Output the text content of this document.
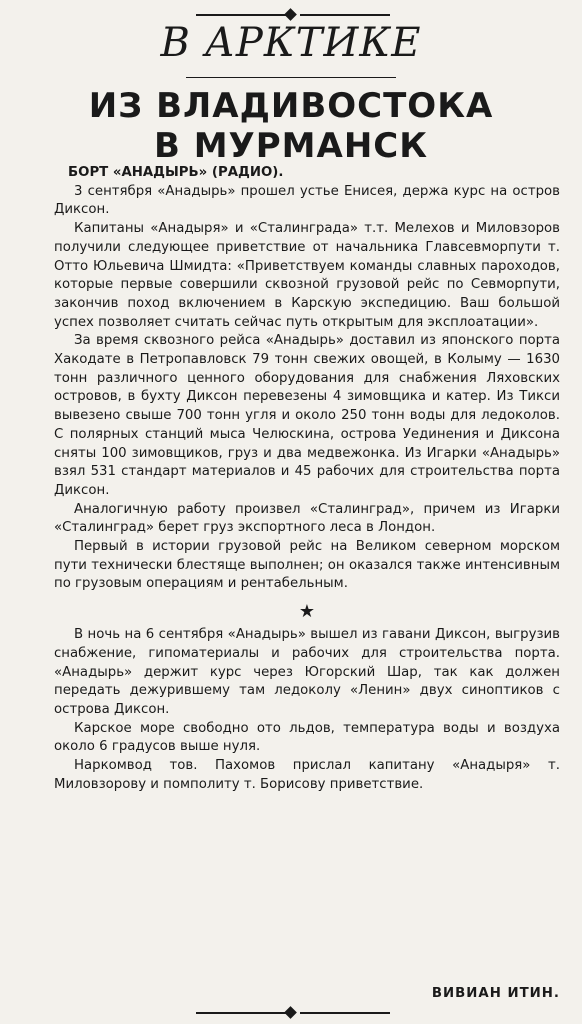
В АРКТИКЕ
ИЗ ВЛАДИВОСТОКА
В МУРМАНСК

БОРТ «АНАДЫРЬ» (РАДИО).

3 сентября «Анадырь» прошел устье Енисея, держа курс на остров Диксон.

Капитаны «Анадыря» и «Сталинграда» т.т. Мелехов и Миловзоров получили следующее приветствие от начальника Главсевморпути т. Отто Юльевича Шмидта: «Приветствуем команды славных пароходов, которые первые совершили сквозной грузовой рейс по Севморпути, закончив поход включением в Карскую экспедицию. Ваш большой успех позволяет считать сейчас путь открытым для эксплоатации».

За время сквозного рейса «Анадырь» доставил из японского порта Хакодате в Петропавловск 79 тонн свежих овощей, в Колыму — 1630 тонн различного ценного оборудования для снабжения Ляховских островов, в бухту Диксон перевезены 4 зимовщика и катер. Из Тикси вывезено свыше 700 тонн угля и около 250 тонн воды для ледоколов. С полярных станций мыса Челюскина, острова Уединения и Диксона сняты 100 зимовщиков, груз и два медвежонка. Из Игарки «Анадырь» взял 531 стандарт материалов и 45 рабочих для строительства порта Диксон.

Аналогичную работу произвел «Сталинград», причем из Игарки «Сталинград» берет груз экспортного леса в Лондон.

Первый в истории грузовой рейс на Великом северном морском пути технически блестяще выполнен; он оказался также интенсивным по грузовым операциям и рентабельным.

★

В ночь на 6 сентября «Анадырь» вышел из гавани Диксон, выгрузив снабжение, гипоматериалы и рабочих для строительства порта. «Анадырь» держит курс через Югорский Шар, так как должен передать дежурившему там ледоколу «Ленин» двух синоптиков с острова Диксон.

Карское море свободно ото льдов, температура воды и воздуха около 6 градусов выше нуля.

Наркомвод тов. Пахомов прислал капитану «Анадыря» т. Миловзорову и помполиту т. Борисову приветствие.

ВИВИАН ИТИН.
